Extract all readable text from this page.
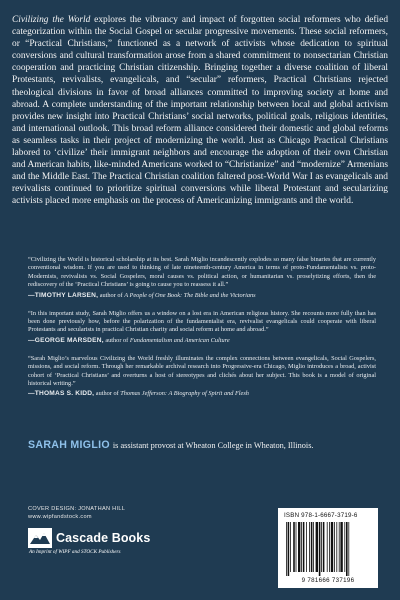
Civilizing the World explores the vibrancy and impact of forgotten social reformers who defied categorization within the Social Gospel or secular progressive movements. These social reformers, or “Practical Christians,” functioned as a network of activists whose dedication to spiritual conversions and cultural transformation arose from a shared commitment to nonsectarian Christian cooperation and practicing Christian citizenship. Bringing together a diverse coalition of liberal Protestants, revivalists, evangelicals, and “secular” reformers, Practical Christians rejected theological divisions in favor of broad alliances committed to improving society at home and abroad. A complete understanding of the important relationship between local and global activism provides new insight into Practical Christians’ social networks, political goals, religious identities, and international outlook. This broad reform alliance considered their domestic and global reforms as seamless tasks in their project of modernizing the world. Just as Chicago Practical Christians labored to ‘civilize’ their immigrant neighbors and encourage the adoption of their own Christian and American habits, like-minded Americans worked to “Christianize” and “modernize” Armenians and the Middle East. The Practical Christian coalition faltered post-World War I as evangelicals and revivalists continued to prioritize spiritual conversions while liberal Protestant and secularizing activists placed more emphasis on the process of Americanizing immigrants and the world.
“Civilizing the World is historical scholarship at its best. Sarah Miglio incandescently explodes so many false binaries that are currently conventional wisdom. If you are used to thinking of late nineteenth-century America in terms of proto-Fundamentalists vs. proto-Modernists, revivalists vs. Social Gospelers, moral causes vs. political action, or humanitarian vs. proselytizing efforts, then the rediscovery of the ‘Practical Christians’ is going to cause you to reassess it all.”
—TIMOTHY LARSEN, author of A People of One Book: The Bible and the Victorians
“In this important study, Sarah Miglio offers us a window on a lost era in American religious history. She recounts more fully than has been done previously how, before the polarization of the fundamentalist era, revivalist evangelicals could cooperate with liberal Protestants and secularists in practical Christian charity and social reform at home and abroad.”
—GEORGE MARSDEN, author of Fundamentalism and American Culture
“Sarah Miglio’s marvelous Civilizing the World freshly illuminates the complex connections between evangelicals, Social Gospelers, missions, and social reform. Through her remarkable archival research into Progressive-era Chicago, Miglio introduces a broad, activist cohort of ‘Practical Christians’ and overturns a host of stereotypes and clichés about her subject. This book is a model of original historical writing.”
—THOMAS S. KIDD, author of Thomas Jefferson: A Biography of Spirit and Flesh
SARAH MIGLIO is assistant provost at Wheaton College in Wheaton, Illinois.
COVER DESIGN: JONATHAN HILL
www.wipfandstock.com
Cascade Books
An Imprint of WIPF and STOCK Publishers
ISBN 978-1-6667-3719-6
9 781666 737196
